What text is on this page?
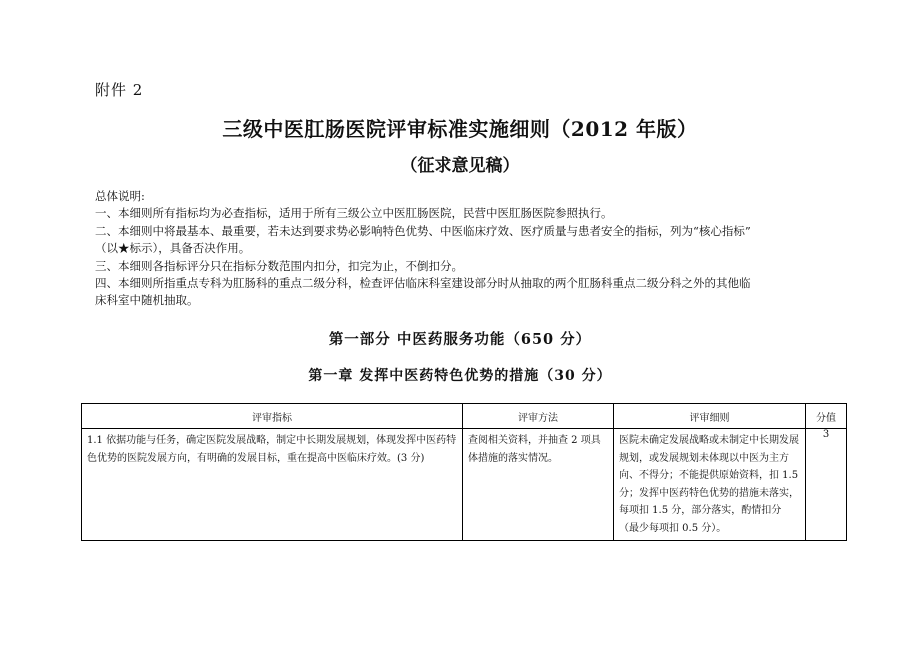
附件 2
三级中医肛肠医院评审标准实施细则（2012 年版）
（征求意见稿）
总体说明:
一、本细则所有指标均为必查指标，适用于所有三级公立中医肛肠医院，民营中医肛肠医院参照执行。
二、本细则中将最基本、最重要，若未达到要求势必影响特色优势、中医临床疗效、医疗质量与患者安全的指标，列为“核心指标”
（以★标示），具备否决作用。
三、本细则各指标评分只在指标分数范围内扣分，扣完为止，不倒扣分。
四、本细则所指重点专科为肛肠科的重点二级分科，检查评估临床科室建设部分时从抽取的两个肛肠科重点二级分科之外的其他临
床科室中随机抽取。
第一部分 中医药服务功能（650 分）
第一章 发挥中医药特色优势的措施（30 分）
评审指标	评审方法	评审细则	分值

1.1 依据功能与任务，确定医院发展战略，制定中长期发展规划，体现发挥中医药特色优势的医院发展方向，有明确的发展目标，重在提高中医临床疗效。(3 分)	查阅相关资料，并抽查 2 项具体措施的落实情况。	医院未确定发展战略或未制定中长期发展规划，或发展规划未体现以中医为主方向、不得分；不能提供原始资料，扣 1.5 分；发挥中医药特色优势的措施未落实，每项扣 1.5 分，部分落实，酌情扣分（最少每项扣 0.5 分）。	3
